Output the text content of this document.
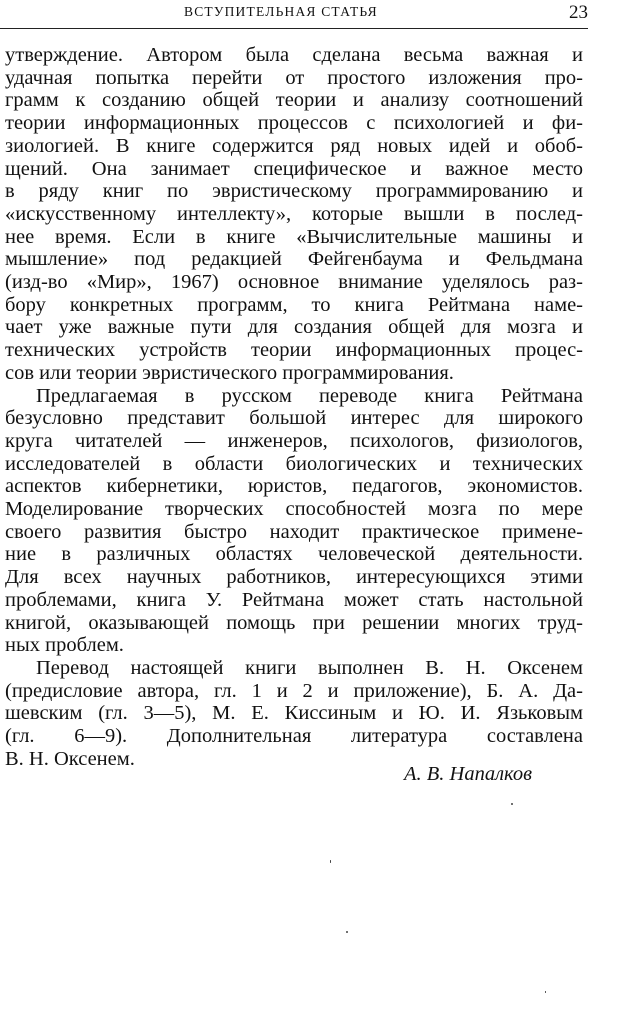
ВСТУПИТЕЛЬНАЯ СТАТЬЯ	23

утверждение. Автором была сделана весьма важная и
удачная попытка перейти от простого изложения про-
грамм к созданию общей теории и анализу соотношений
теории информационных процессов с психологией и фи-
зиологией. В книге содержится ряд новых идей и обоб-
щений. Она занимает специфическое и важное место
в ряду книг по эвристическому программированию и
«искусственному интеллекту», которые вышли в послед-
нее время. Если в книге «Вычислительные машины и
мышление» под редакцией Фейгенбаума и Фельдмана
(изд-во «Мир», 1967) основное внимание уделялось раз-
бору конкретных программ, то книга Рейтмана наме-
чает уже важные пути для создания общей для мозга и
технических устройств теории информационных процес-
сов или теории эвристического программирования.

Предлагаемая в русском переводе книга Рейтмана
безусловно представит большой интерес для широкого
круга читателей — инженеров, психологов, физиологов,
исследователей в области биологических и технических
аспектов кибернетики, юристов, педагогов, экономистов.
Моделирование творческих способностей мозга по мере
своего развития быстро находит практическое примене-
ние в различных областях человеческой деятельности.
Для всех научных работников, интересующихся этими
проблемами, книга У. Рейтмана может стать настольной
книгой, оказывающей помощь при решении многих труд-
ных проблем.

Перевод настоящей книги выполнен В. Н. Оксенем
(предисловие автора, гл. 1 и 2 и приложение), Б. А. Да-
шевским (гл. 3—5), М. Е. Киссиным и Ю. И. Язьковым
(гл. 6—9). Дополнительная литература составлена
В. Н. Оксенем.

А. В. Напалков
